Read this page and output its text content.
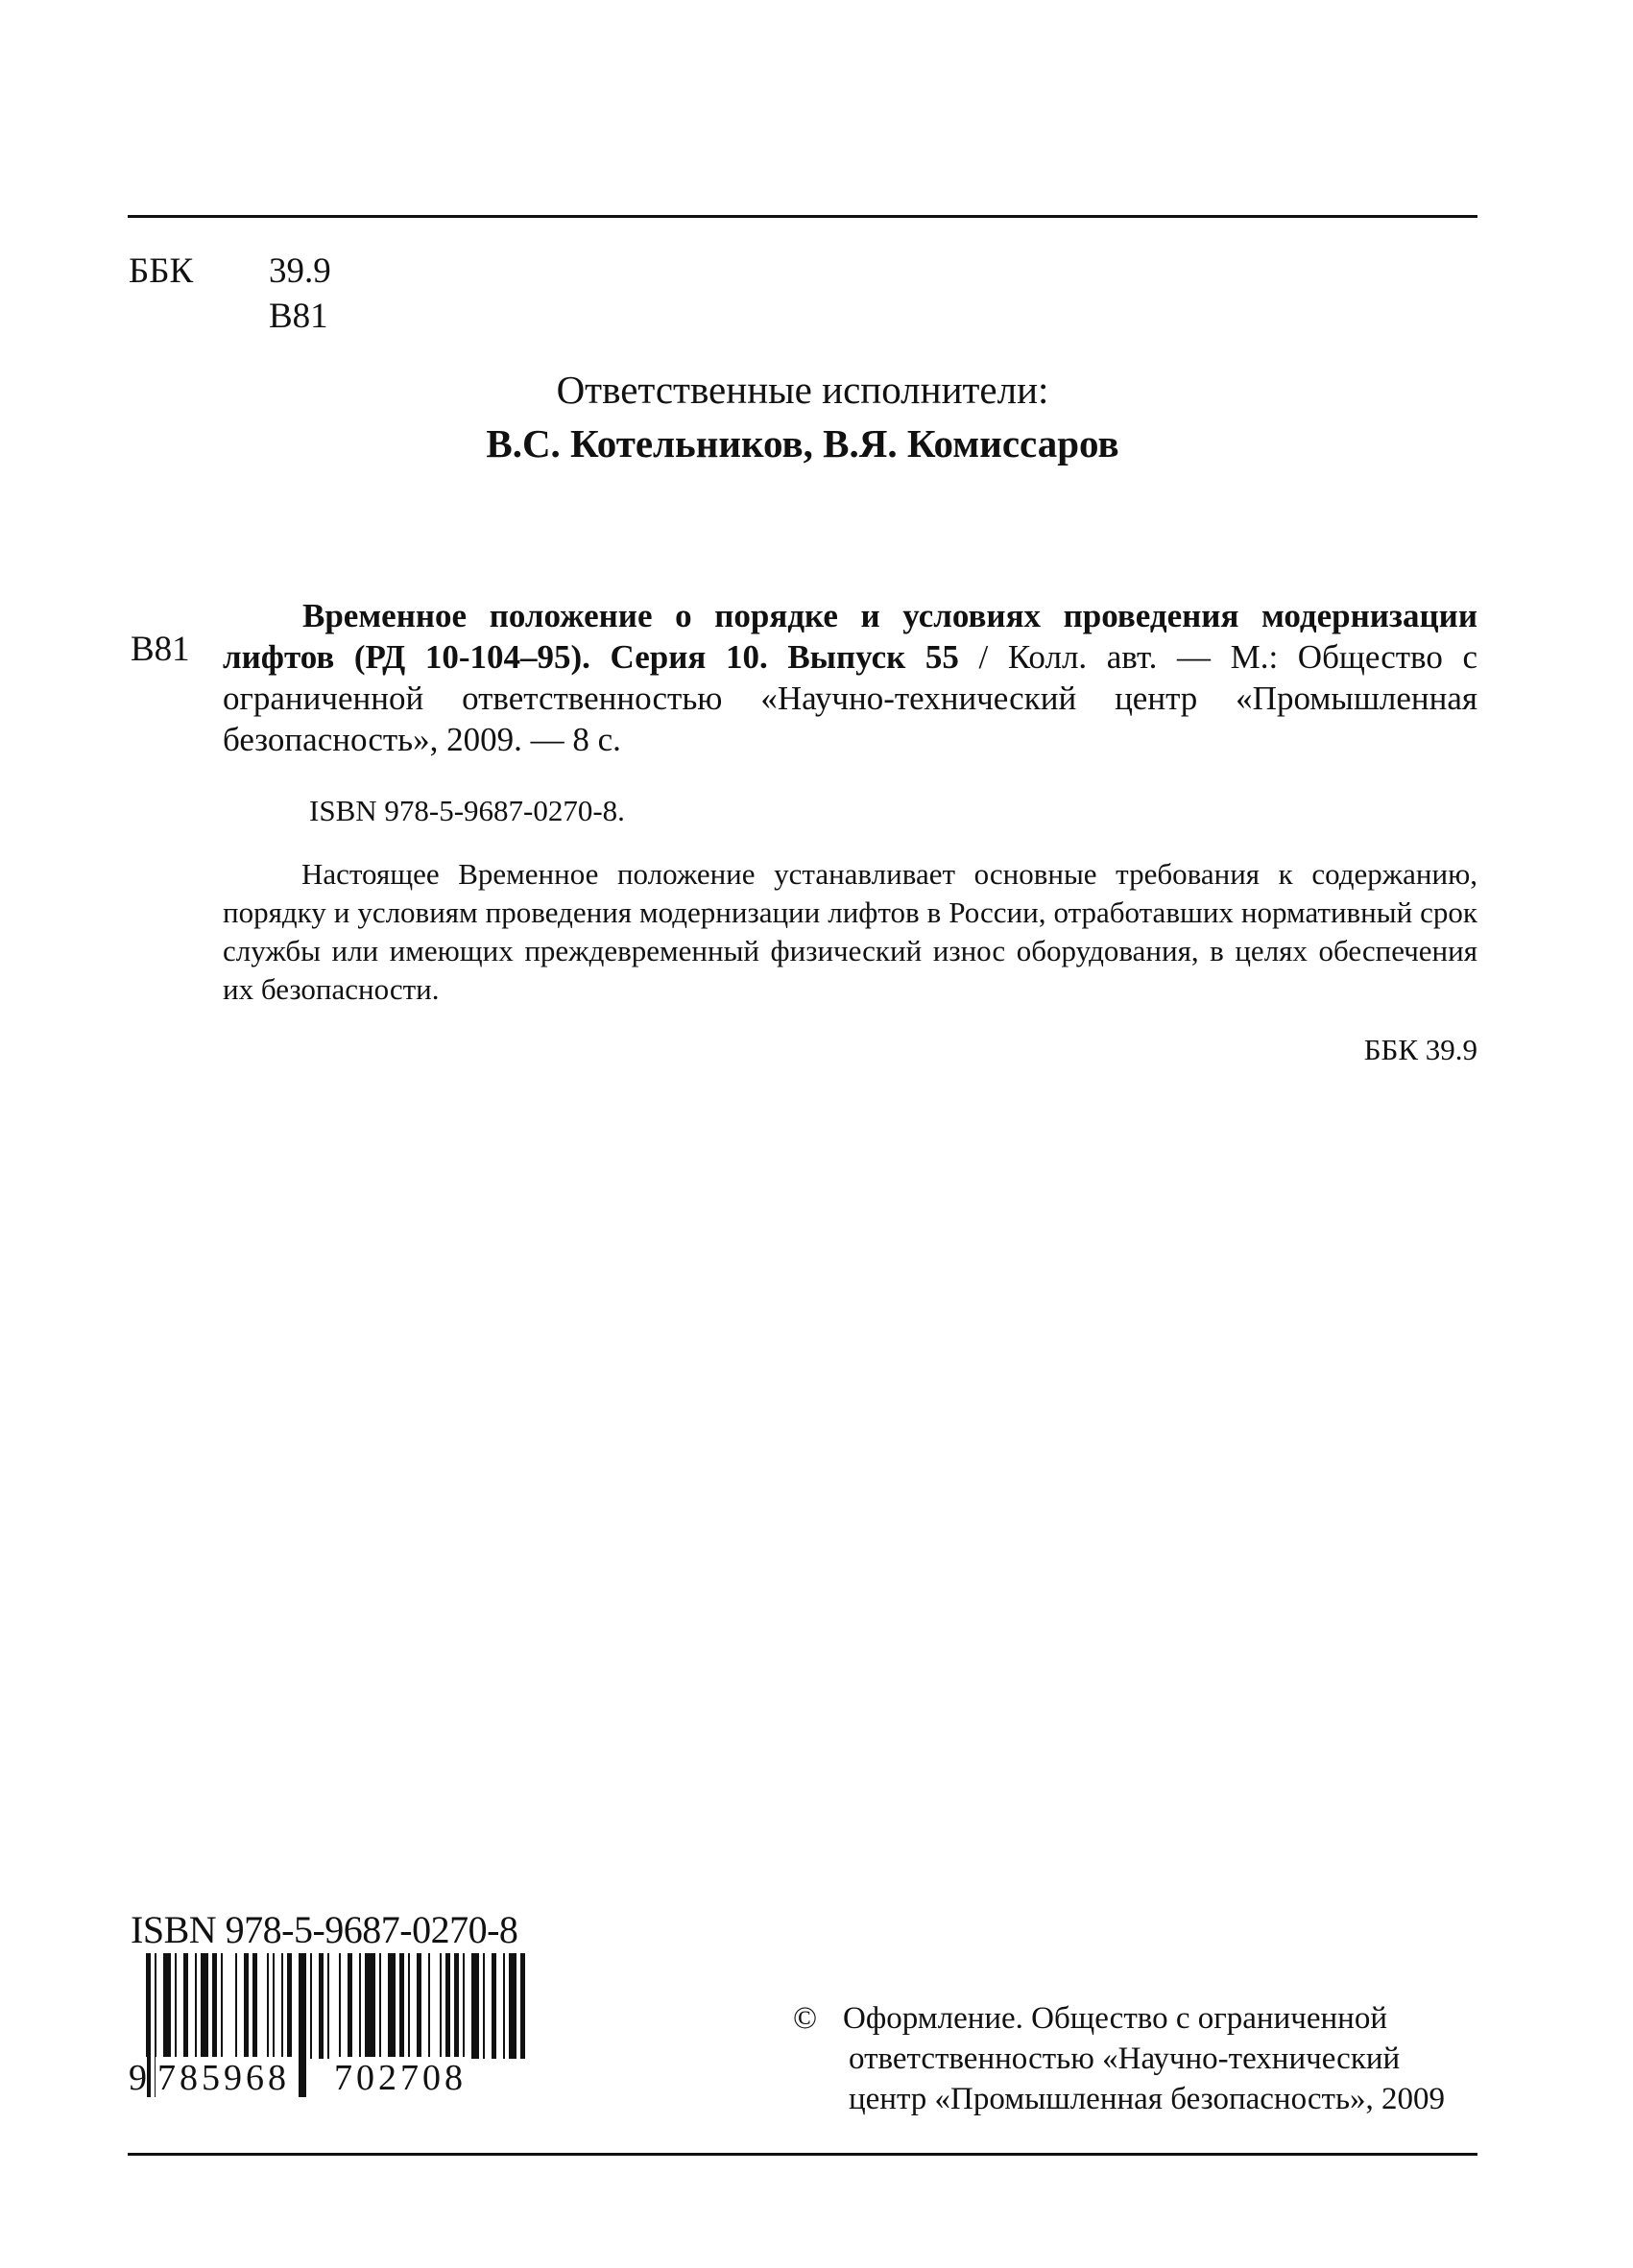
ББК 39.9
В81
Ответственные исполнители:
В.С. Котельников, В.Я. Комиссаров
В81
Временное положение о порядке и условиях проведения модернизации лифтов (РД 10-104–95). Серия 10. Выпуск 55 / Колл. авт. — М.: Общество с ограниченной ответственностью «Научно-технический центр «Промышленная безопасность», 2009. — 8 с.
ISBN 978-5-9687-0270-8.
Настоящее Временное положение устанавливает основные требования к содержанию, порядку и условиям проведения модернизации лифтов в России, отработавших нормативный срок службы или имеющих преждевременный физический износ оборудования, в целях обеспечения их безопасности.
ББК 39.9
ISBN 978-5-9687-0270-8
9 785968 702708
© Оформление. Общество с ограниченной
ответственностью «Научно-технический
центр «Промышленная безопасность», 2009
